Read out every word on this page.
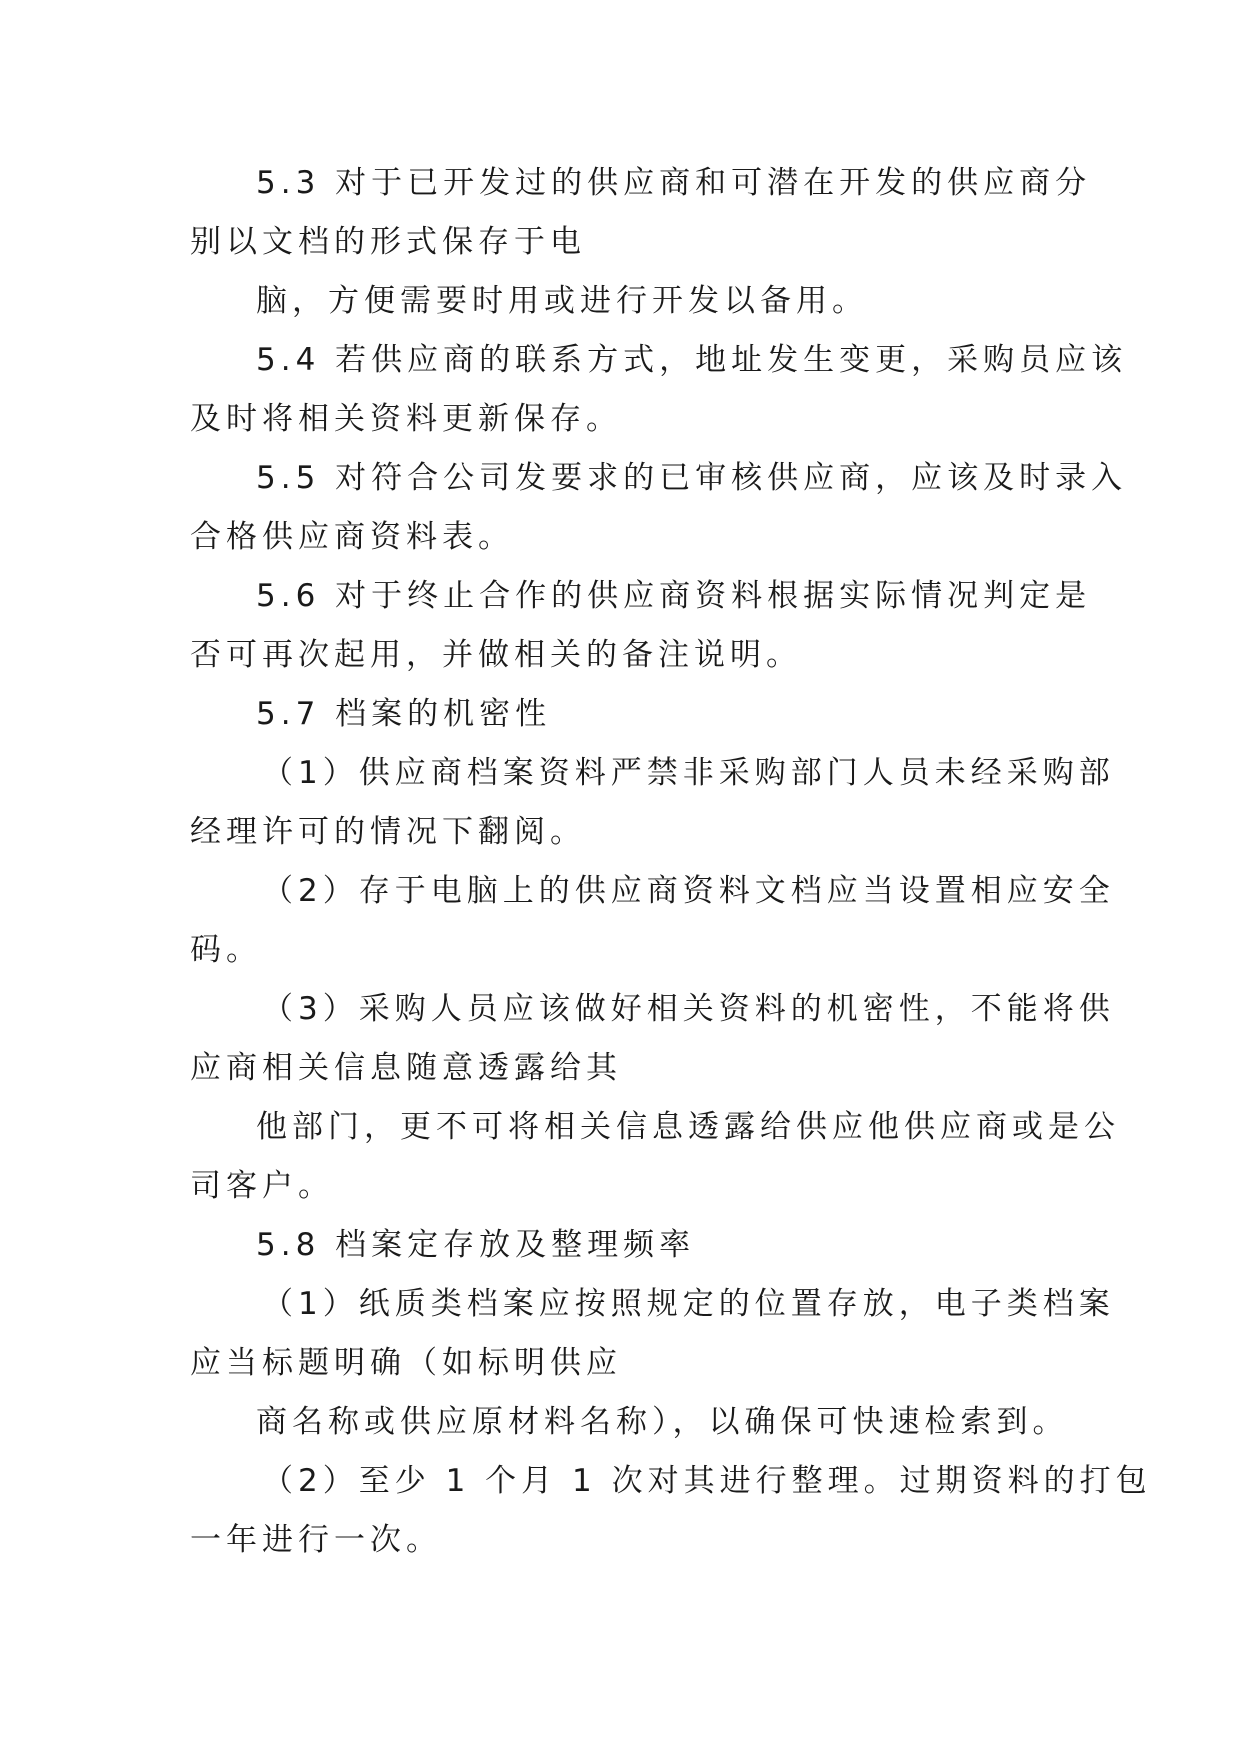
5.3 对于已开发过的供应商和可潜在开发的供应商分
别以文档的形式保存于电
脑，方便需要时用或进行开发以备用。
5.4 若供应商的联系方式，地址发生变更，采购员应该
及时将相关资料更新保存。
5.5 对符合公司发要求的已审核供应商，应该及时录入
合格供应商资料表。
5.6 对于终止合作的供应商资料根据实际情况判定是
否可再次起用，并做相关的备注说明。
5.7 档案的机密性
（1）供应商档案资料严禁非采购部门人员未经采购部
经理许可的情况下翻阅。
（2）存于电脑上的供应商资料文档应当设置相应安全
码。
（3）采购人员应该做好相关资料的机密性，不能将供
应商相关信息随意透露给其
他部门，更不可将相关信息透露给供应他供应商或是公
司客户。
5.8 档案定存放及整理频率
（1）纸质类档案应按照规定的位置存放，电子类档案
应当标题明确（如标明供应
商名称或供应原材料名称），以确保可快速检索到。
（2）至少 1 个月 1 次对其进行整理。过期资料的打包
一年进行一次。
